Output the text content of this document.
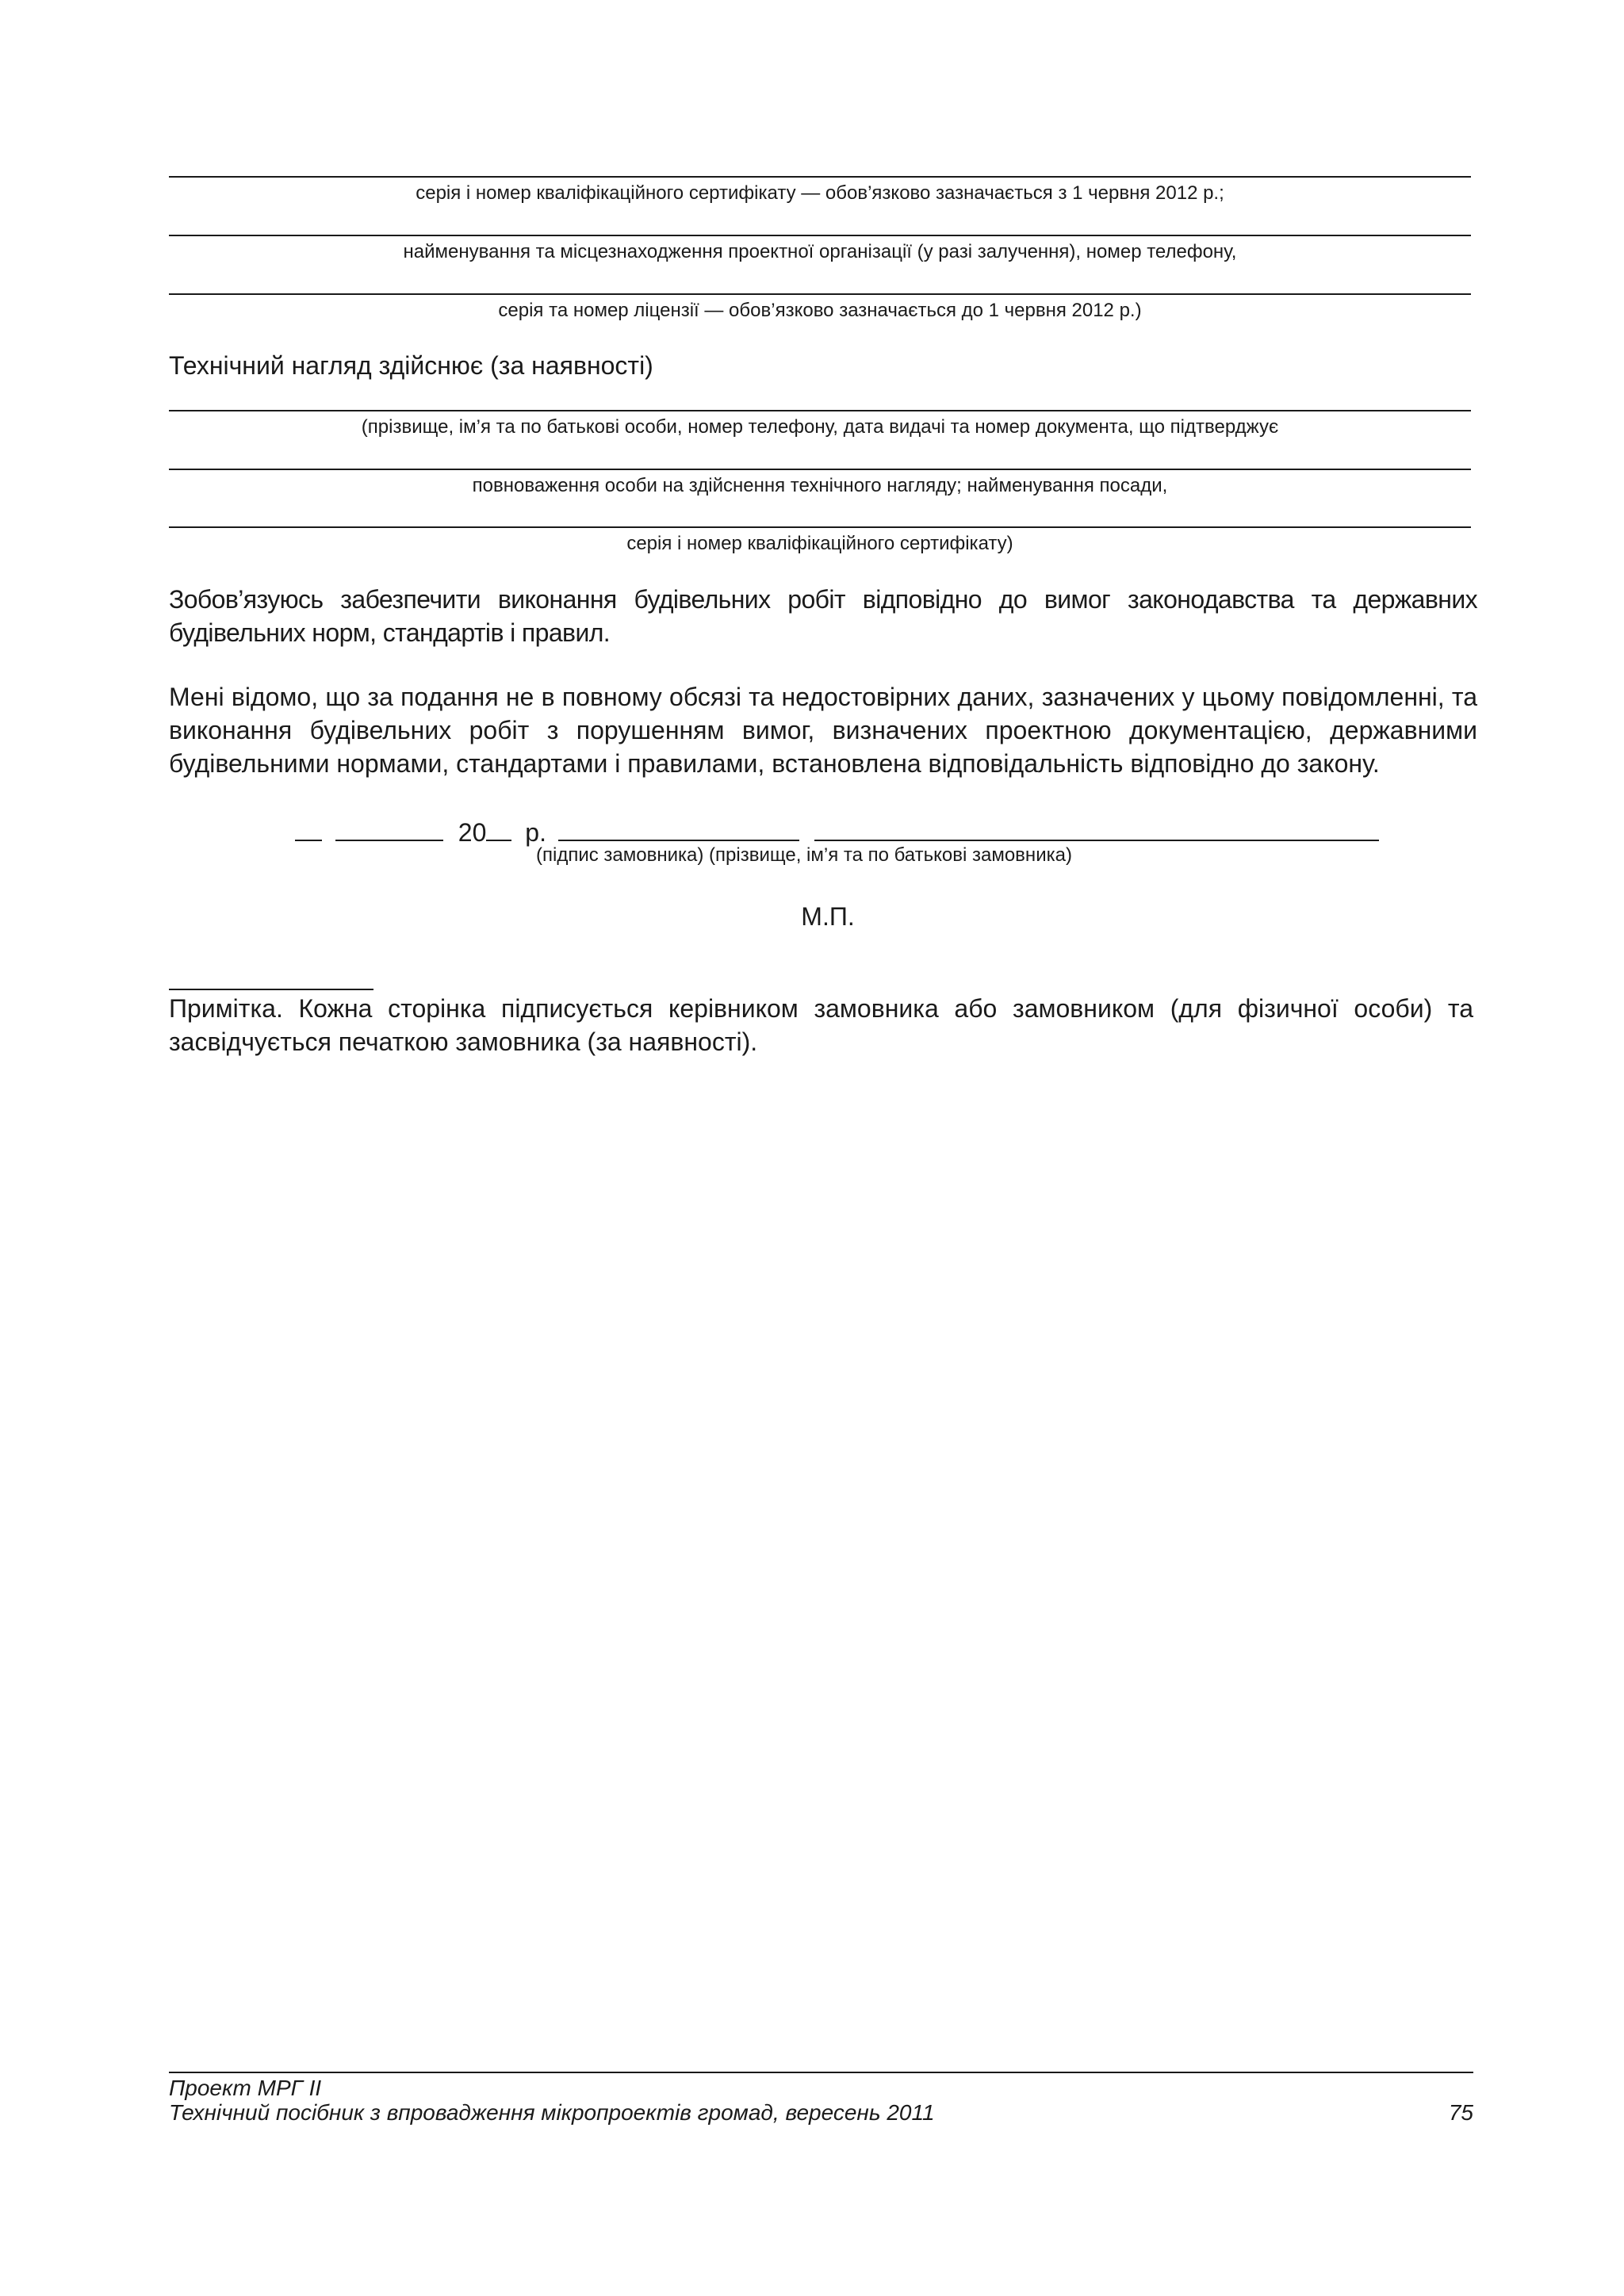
серія і номер кваліфікаційного сертифікату — обов’язково зазначається з 1 червня 2012 р.;
найменування та місцезнаходження проектної організації (у разі залучення), номер телефону,
серія та номер ліцензії — обов’язково зазначається до 1 червня 2012 р.)
Технічний нагляд здійснює (за наявності)
(прізвище, ім’я та по батькові особи, номер телефону, дата видачі та номер документа, що підтверджує
повноваження особи на здійснення технічного нагляду; найменування посади,
серія і номер кваліфікаційного сертифікату)
Зобов’язуюсь забезпечити виконання будівельних робіт відповідно до вимог законодавства та державних будівельних норм, стандартів і правил.
Мені відомо, що за подання не в повному обсязі та недостовірних даних, зазначених у цьому повідомленні, та виконання будівельних робіт з порушенням вимог, визначених проектною документацією, державними будівельними нормами, стандартами і правилами, встановлена відповідальність відповідно до закону.
20 р.
(підпис замовника) (прізвище, ім’я та по батькові замовника)
М.П.
Примітка. Кожна сторінка підписується керівником замовника або замовником (для фізичної особи) та засвідчується печаткою замовника (за наявності).
Проект МРГ ІІ
Технічний посібник з впровадження мікропроектів громад, вересень 2011	75
